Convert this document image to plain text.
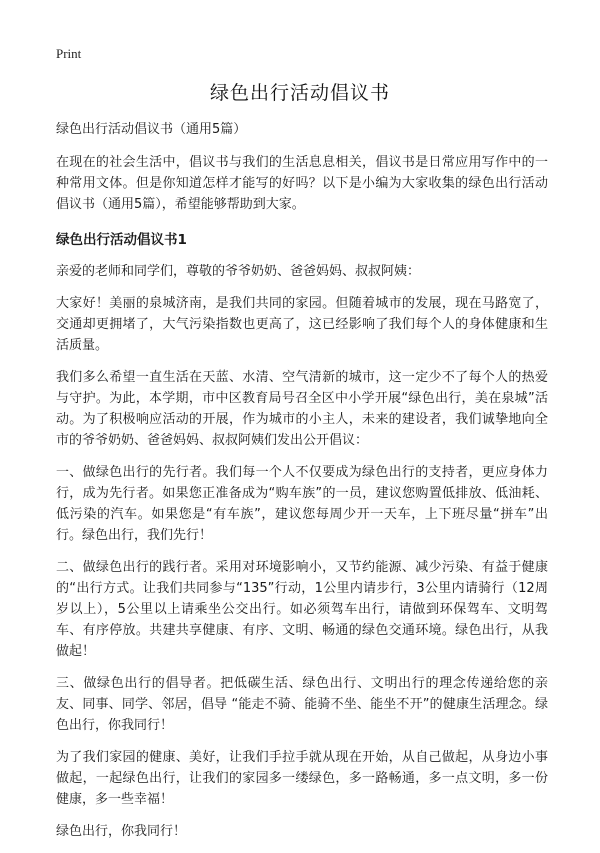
Print
绿色出行活动倡议书
绿色出行活动倡议书（通用5篇）

在现在的社会生活中，倡议书与我们的生活息息相关，倡议书是日常应用写作中的一种常用文体。但是你知道怎样才能写的好吗？以下是小编为大家收集的绿色出行活动倡议书（通用5篇），希望能够帮助到大家。

绿色出行活动倡议书1

亲爱的老师和同学们，尊敬的爷爷奶奶、爸爸妈妈、叔叔阿姨：

大家好！美丽的泉城济南，是我们共同的家园。但随着城市的发展，现在马路宽了，交通却更拥堵了，大气污染指数也更高了，这已经影响了我们每个人的身体健康和生活质量。

我们多么希望一直生活在天蓝、水清、空气清新的城市，这一定少不了每个人的热爱与守护。为此，本学期，市中区教育局号召全区中小学开展“绿色出行，美在泉城”活动。为了积极响应活动的开展，作为城市的小主人，未来的建设者，我们诚挚地向全市的爷爷奶奶、爸爸妈妈、叔叔阿姨们发出公开倡议：

一、做绿色出行的先行者。我们每一个人不仅要成为绿色出行的支持者，更应身体力行，成为先行者。如果您正准备成为“购车族”的一员，建议您购置低排放、低油耗、低污染的汽车。如果您是“有车族”，建议您每周少开一天车，上下班尽量“拼车”出行。绿色出行，我们先行！

二、做绿色出行的践行者。采用对环境影响小，又节约能源、减少污染、有益于健康的“出行方式。让我们共同参与“135”行动，1公里内请步行，3公里内请骑行（12周岁以上），5公里以上请乘坐公交出行。如必须驾车出行，请做到环保驾车、文明驾车、有序停放。共建共享健康、有序、文明、畅通的绿色交通环境。绿色出行，从我做起！

三、做绿色出行的倡导者。把低碳生活、绿色出行、文明出行的理念传递给您的亲友、同事、同学、邻居，倡导 “能走不骑、能骑不坐、能坐不开”的健康生活理念。绿色出行，你我同行！

为了我们家园的健康、美好，让我们手拉手就从现在开始，从自己做起，从身边小事做起，一起绿色出行，让我们的家园多一缕绿色，多一路畅通，多一点文明，多一份健康，多一些幸福！

绿色出行，你我同行！
